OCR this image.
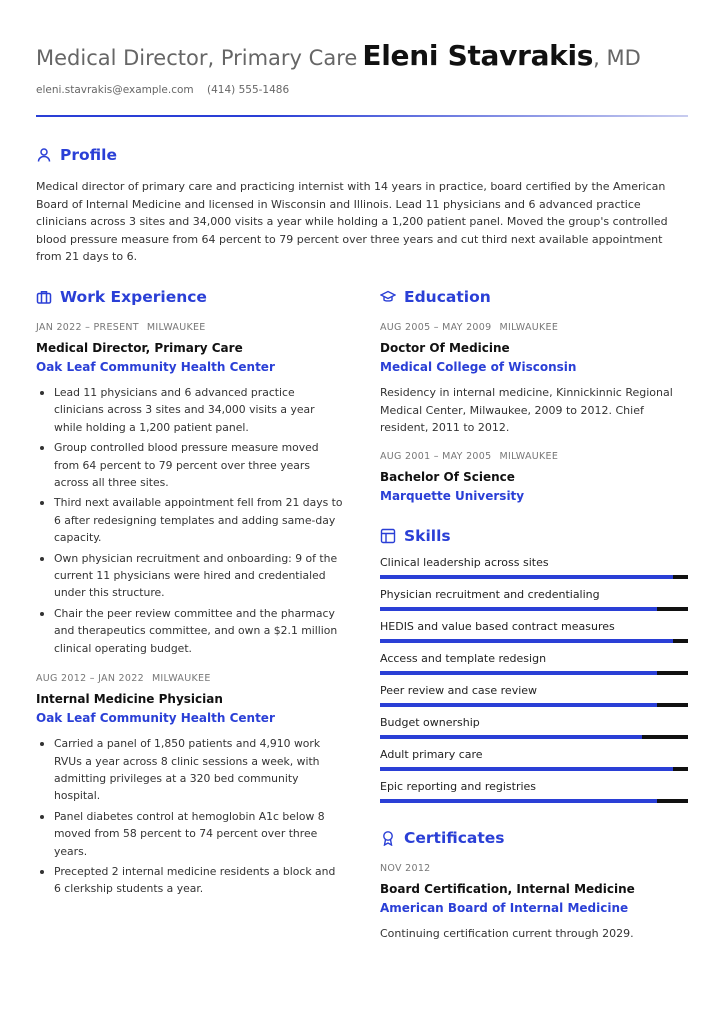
Medical Director, Primary Care Eleni Stavrakis, MD
eleni.stavrakis@example.com (414) 555-1486
Profile

Medical director of primary care and practicing internist with 14 years in practice, board certified by the American Board of Internal Medicine and licensed in Wisconsin and Illinois. Lead 11 physicians and 6 advanced practice clinicians across 3 sites and 34,000 visits a year while holding a 1,200 patient panel. Moved the group's controlled blood pressure measure from 64 percent to 79 percent over three years and cut third next available appointment from 21 days to 6.

Work Experience
JAN 2022 – PRESENT MILWAUKEE
Medical Director, Primary Care
Oak Leaf Community Health Center
Lead 11 physicians and 6 advanced practice clinicians across 3 sites and 34,000 visits a year while holding a 1,200 patient panel.
Group controlled blood pressure measure moved from 64 percent to 79 percent over three years across all three sites.
Third next available appointment fell from 21 days to 6 after redesigning templates and adding same-day capacity.
Own physician recruitment and onboarding: 9 of the current 11 physicians were hired and credentialed under this structure.
Chair the peer review committee and the pharmacy and therapeutics committee, and own a $2.1 million clinical operating budget.
AUG 2012 – JAN 2022 MILWAUKEE
Internal Medicine Physician
Oak Leaf Community Health Center
Carried a panel of 1,850 patients and 4,910 work RVUs a year across 8 clinic sessions a week, with admitting privileges at a 320 bed community hospital.
Panel diabetes control at hemoglobin A1c below 8 moved from 58 percent to 74 percent over three years.
Precepted 2 internal medicine residents a block and 6 clerkship students a year.
Education
AUG 2005 – MAY 2009 MILWAUKEE
Doctor Of Medicine
Medical College of Wisconsin

Residency in internal medicine, Kinnickinnic Regional Medical Center, Milwaukee, 2009 to 2012. Chief resident, 2011 to 2012.

AUG 2001 – MAY 2005 MILWAUKEE
Bachelor Of Science
Marquette University
Skills
Clinical leadership across sites
Physician recruitment and credentialing
HEDIS and value based contract measures
Access and template redesign
Peer review and case review
Budget ownership
Adult primary care
Epic reporting and registries
Certificates
NOV 2012
Board Certification, Internal Medicine
American Board of Internal Medicine

Continuing certification current through 2029.
